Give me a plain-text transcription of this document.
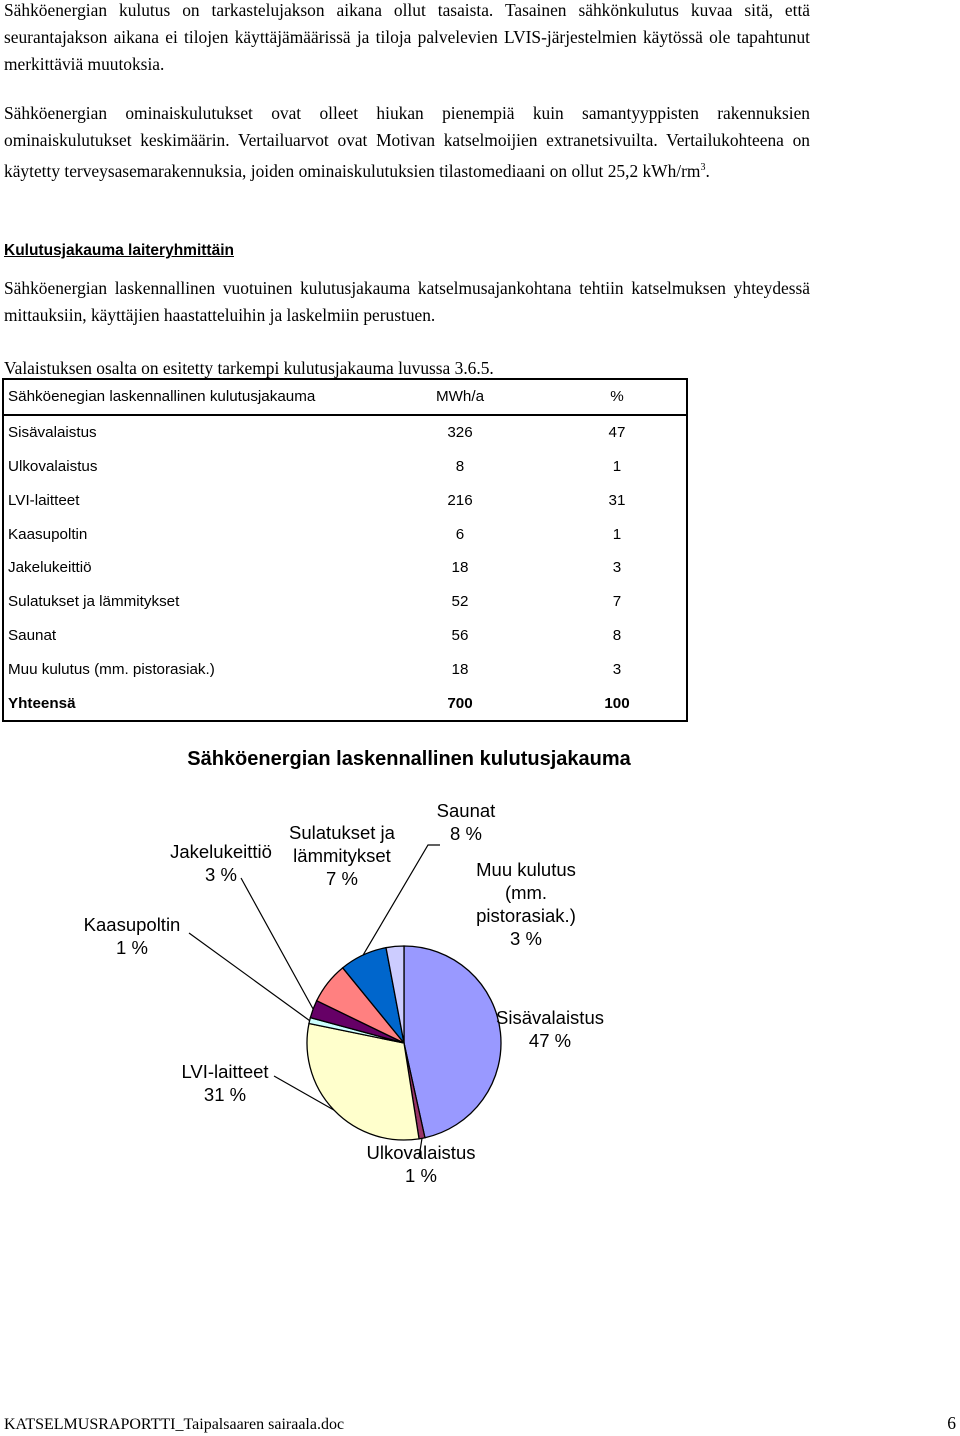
Sähköenergian kulutus on tarkastelujakson aikana ollut tasaista. Tasainen sähkönkulutus kuvaa sitä, että seurantajakson aikana ei tilojen käyttäjämäärissä ja tiloja palvelevien LVIS-järjestelmien käytössä ole tapahtunut merkittäviä muutoksia.
Sähköenergian ominaiskulutukset ovat olleet hiukan pienempiä kuin samantyyppisten rakennuksien ominaiskulutukset keskimäärin. Vertailuarvot ovat Motivan katselmoijien extranetsivuilta. Vertailukohteena on käytetty terveysasemarakennuksia, joiden ominaiskulutuksien tilastomediaani on ollut 25,2 kWh/$rm^3$.
Kulutusjakauma laiteryhmittäin
Sähköenergian laskennallinen vuotuinen kulutusjakauma katselmusajankohtana tehtiin katselmuksen yhteydessä mittauksiin, käyttäjien haastatteluihin ja laskelmiin perustuen.
Valaistuksen osalta on esitetty tarkempi kulutusjakauma luvussa 3.6.5.
Sähköenegian laskennallinen kulutusjakauma	MWh/a	%
Sisävalaistus	326	47
Ulkovalaistus	8	1
LVI-laitteet	216	31
Kaasupoltin	6	1
Jakelukeittiö	18	3
Sulatukset ja lämmitykset	52	7
Saunat	56	8
Muu kulutus (mm. pistorasiak.)	18	3
Yhteensä	700	100
Sähköenergian laskennallinen kulutusjakauma
Sisävalaistus 47 %
Ulkovalaistus 1 %
LVI-laitteet 31 %
Kaasupoltin 1 %
Jakelukeittiö 3 %
Sulatukset ja lämmitykset 7 %
Saunat 8 %
Muu kulutus (mm. pistorasiak.) 3 %
KATSELMUSRAPORTTI_Taipalsaaren sairaala.doc	6
